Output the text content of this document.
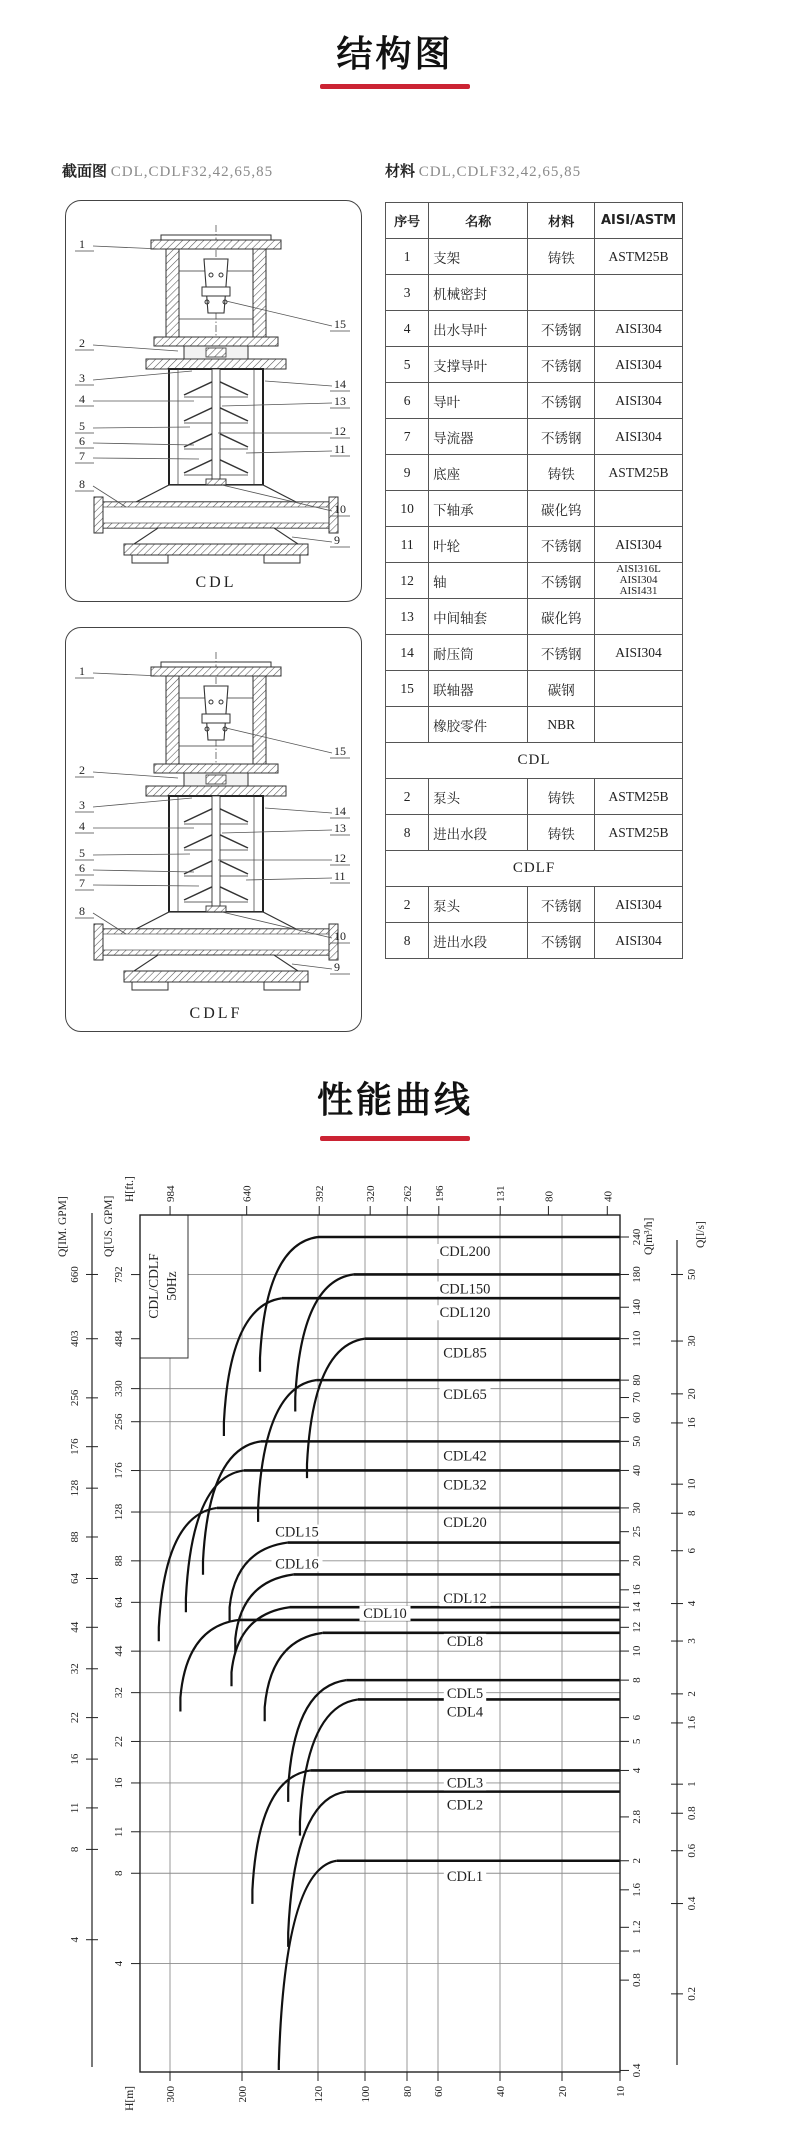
结构图
截面图 CDL,CDLF32,42,65,85	材料 CDL,CDLF32,42,65,85
CDL
1
2
3
4
5
6
7
8
15
14
13
12
11
10
9
CDLF
1
2
3
4
5
6
7
8
15
14
13
12
11
10
9
序号	名称	材料	AISI/ASTM
1	支架	铸铁	ASTM25B
3	机械密封		
4	出水导叶	不锈钢	AISI304
5	支撑导叶	不锈钢	AISI304
6	导叶	不锈钢	AISI304
7	导流器	不锈钢	AISI304
9	底座	铸铁	ASTM25B
10	下轴承	碳化钨	
11	叶轮	不锈钢	AISI304
12	轴	不锈钢	AISI316L
AISI304
AISI431
13	中间轴套	碳化钨	
14	耐压筒	不锈钢	AISI304
15	联轴器	碳钢	
	橡胶零件	NBR	
CDL			
2	泵头	铸铁	ASTM25B
8	进出水段	铸铁	ASTM25B
CDLF			
2	泵头	不锈钢	AISI304
8	进出水段	不锈钢	AISI304
性能曲线
CDL200
CDL150
CDL120
CDL85
CDL65
CDL42
CDL32
CDL20
CDL15
CDL16
CDL12
CDL10
CDL8
CDL5
CDL4
CDL3
CDL2
CDL1
CDL/CDLF 50Hz
984	640	392	320 262 196	131	80	40
H[ft.]
300	200	120	100	80 60	40	20	10
H[m]
660
403
256
176
128
88
64
44
32
22
16
11
8
4
Q[IM. GPM]
792
484
330
256
176
128
88
64
44
32
22
16
11
8
4
Q[US. GPM]	240
180
140
110
80
70
60
50
40
30
25
20
16
14
12
10
8
6
5
4
2.8
2
1.6
1.2
1
0.8
0.4
Q[m³/h]
50
30
20
16
10
8
6
4
3
2
1.6
1
0.8
0.6
0.4
0.2
Q[l/s]
